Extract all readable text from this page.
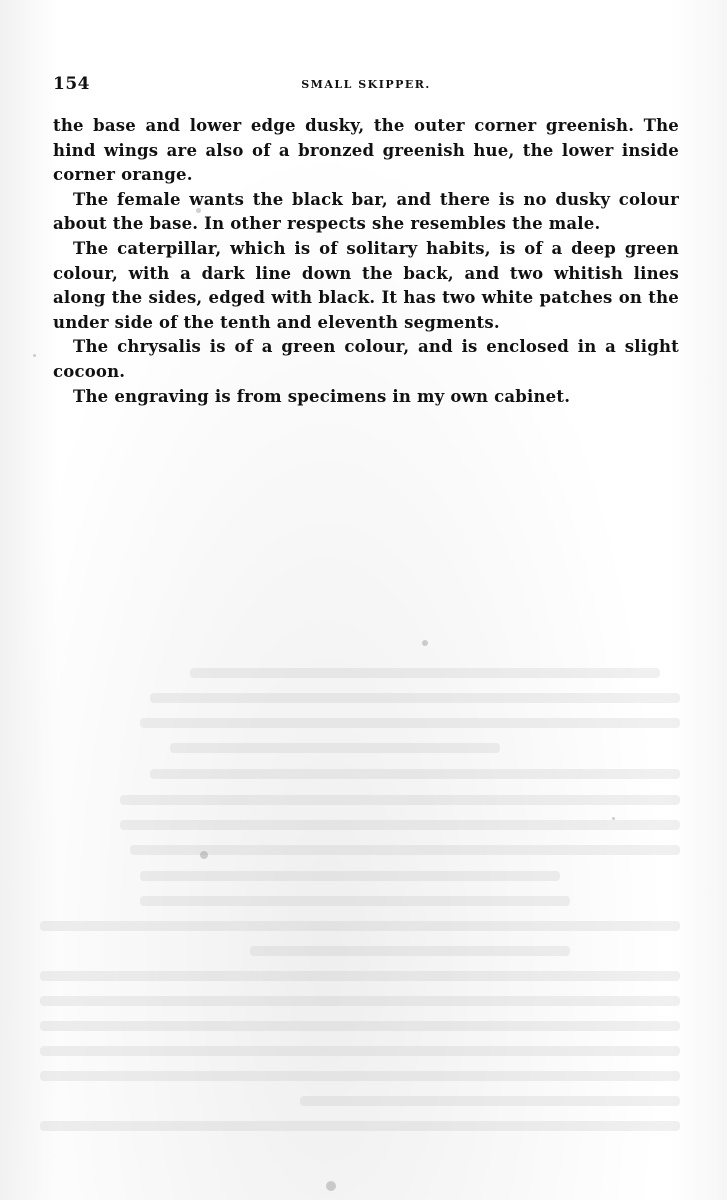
154	SMALL SKIPPER.

the base and lower edge dusky, the outer corner greenish. The hind wings are also of a bronzed greenish hue, the lower inside corner orange.

The female wants the black bar, and there is no dusky colour about the base. In other respects she resembles the male.

The caterpillar, which is of solitary habits, is of a deep green colour, with a dark line down the back, and two whitish lines along the sides, edged with black. It has two white patches on the under side of the tenth and eleventh segments.

The chrysalis is of a green colour, and is enclosed in a slight cocoon.

The engraving is from specimens in my own cabinet.
